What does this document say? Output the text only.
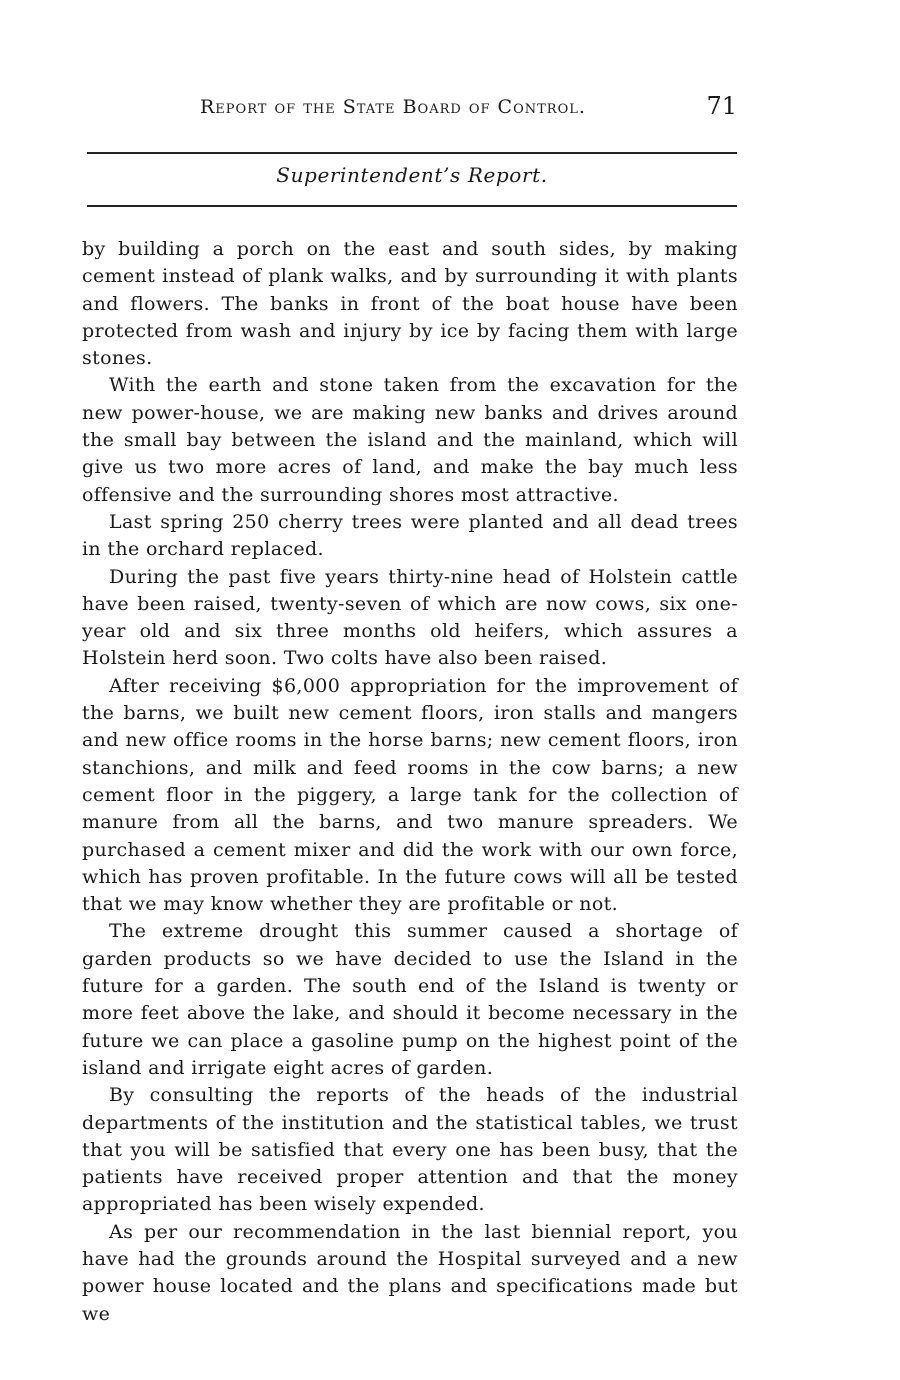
Report of the State Board of Control.	71
Superintendent’s Report.

by building a porch on the east and south sides, by making cement instead of plank walks, and by surrounding it with plants and flowers. The banks in front of the boat house have been protected from wash and injury by ice by facing them with large stones.

With the earth and stone taken from the excavation for the new power-house, we are making new banks and drives around the small bay between the island and the mainland, which will give us two more acres of land, and make the bay much less offensive and the surrounding shores most attractive.

Last spring 250 cherry trees were planted and all dead trees in the orchard replaced.

During the past five years thirty-nine head of Holstein cattle have been raised, twenty-seven of which are now cows, six one-year old and six three months old heifers, which assures a Holstein herd soon. Two colts have also been raised.

After receiving $6,000 appropriation for the improvement of the barns, we built new cement floors, iron stalls and mangers and new office rooms in the horse barns; new cement floors, iron stanchions, and milk and feed rooms in the cow barns; a new cement floor in the piggery, a large tank for the collection of manure from all the barns, and two manure spreaders. We purchased a cement mixer and did the work with our own force, which has proven profitable. In the future cows will all be tested that we may know whether they are profitable or not.

The extreme drought this summer caused a shortage of garden products so we have decided to use the Island in the future for a garden. The south end of the Island is twenty or more feet above the lake, and should it become necessary in the future we can place a gasoline pump on the highest point of the island and irrigate eight acres of garden.

By consulting the reports of the heads of the industrial departments of the institution and the statistical tables, we trust that you will be satisfied that every one has been busy, that the patients have received proper attention and that the money appropriated has been wisely expended.

As per our recommendation in the last biennial report, you have had the grounds around the Hospital surveyed and a new power house located and the plans and specifications made but we
